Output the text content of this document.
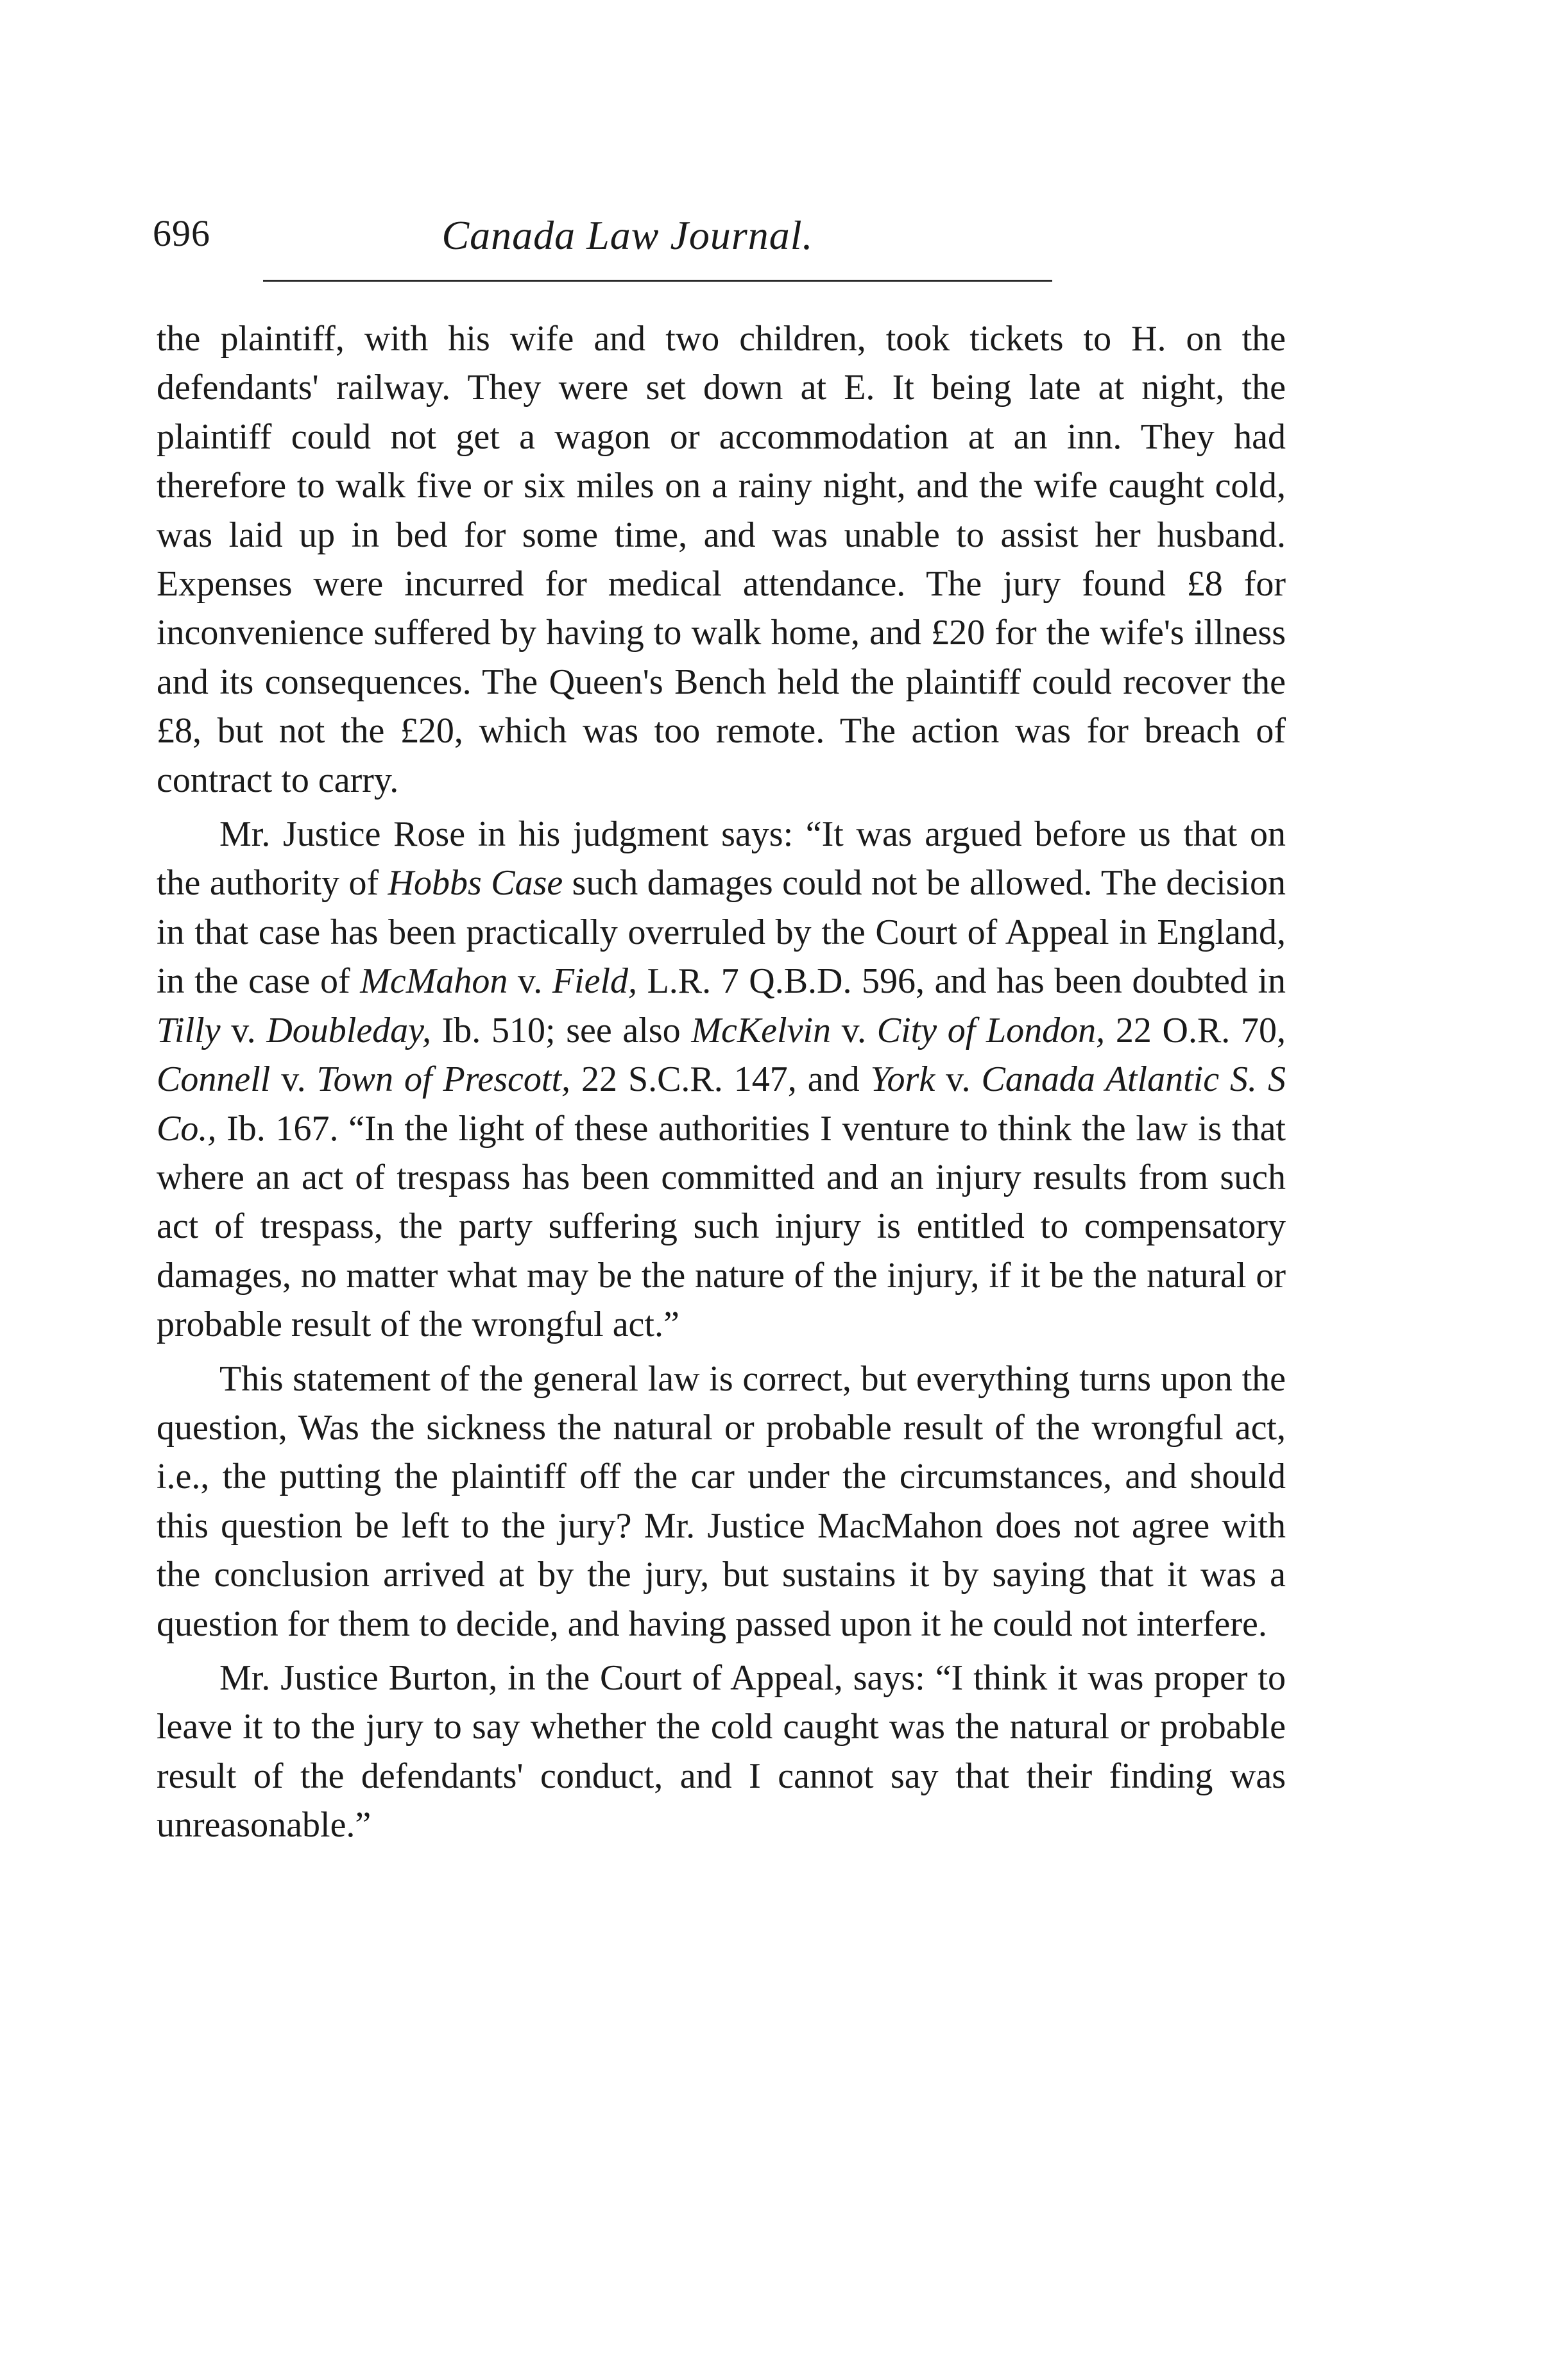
696	Canada Law Journal.

the plaintiff, with his wife and two children, took tickets to H. on the defendants' railway. They were set down at E. It being late at night, the plaintiff could not get a wagon or accommodation at an inn. They had therefore to walk five or six miles on a rainy night, and the wife caught cold, was laid up in bed for some time, and was unable to assist her husband. Expenses were incurred for medical attendance. The jury found £8 for inconvenience suffered by having to walk home, and £20 for the wife's illness and its consequences. The Queen's Bench held the plaintiff could recover the £8, but not the £20, which was too remote. The action was for breach of contract to carry.

Mr. Justice Rose in his judgment says: “It was argued before us that on the authority of Hobbs Case such damages could not be allowed. The decision in that case has been practically overruled by the Court of Appeal in England, in the case of McMahon v. Field, L.R. 7 Q.B.D. 596, and has been doubted in Tilly v. Doubleday, Ib. 510; see also McKelvin v. City of London, 22 O.R. 70, Connell v. Town of Prescott, 22 S.C.R. 147, and York v. Canada Atlantic S. S Co., Ib. 167. “In the light of these authorities I venture to think the law is that where an act of trespass has been committed and an injury results from such act of trespass, the party suffering such injury is entitled to compensatory damages, no matter what may be the nature of the injury, if it be the natural or probable result of the wrongful act.”

This statement of the general law is correct, but everything turns upon the question, Was the sickness the natural or probable result of the wrongful act, i.e., the putting the plaintiff off the car under the circumstances, and should this question be left to the jury? Mr. Justice MacMahon does not agree with the conclusion arrived at by the jury, but sustains it by saying that it was a question for them to decide, and having passed upon it he could not interfere.

Mr. Justice Burton, in the Court of Appeal, says: “I think it was proper to leave it to the jury to say whether the cold caught was the natural or probable result of the defendants' conduct, and I cannot say that their finding was unreasonable.”
